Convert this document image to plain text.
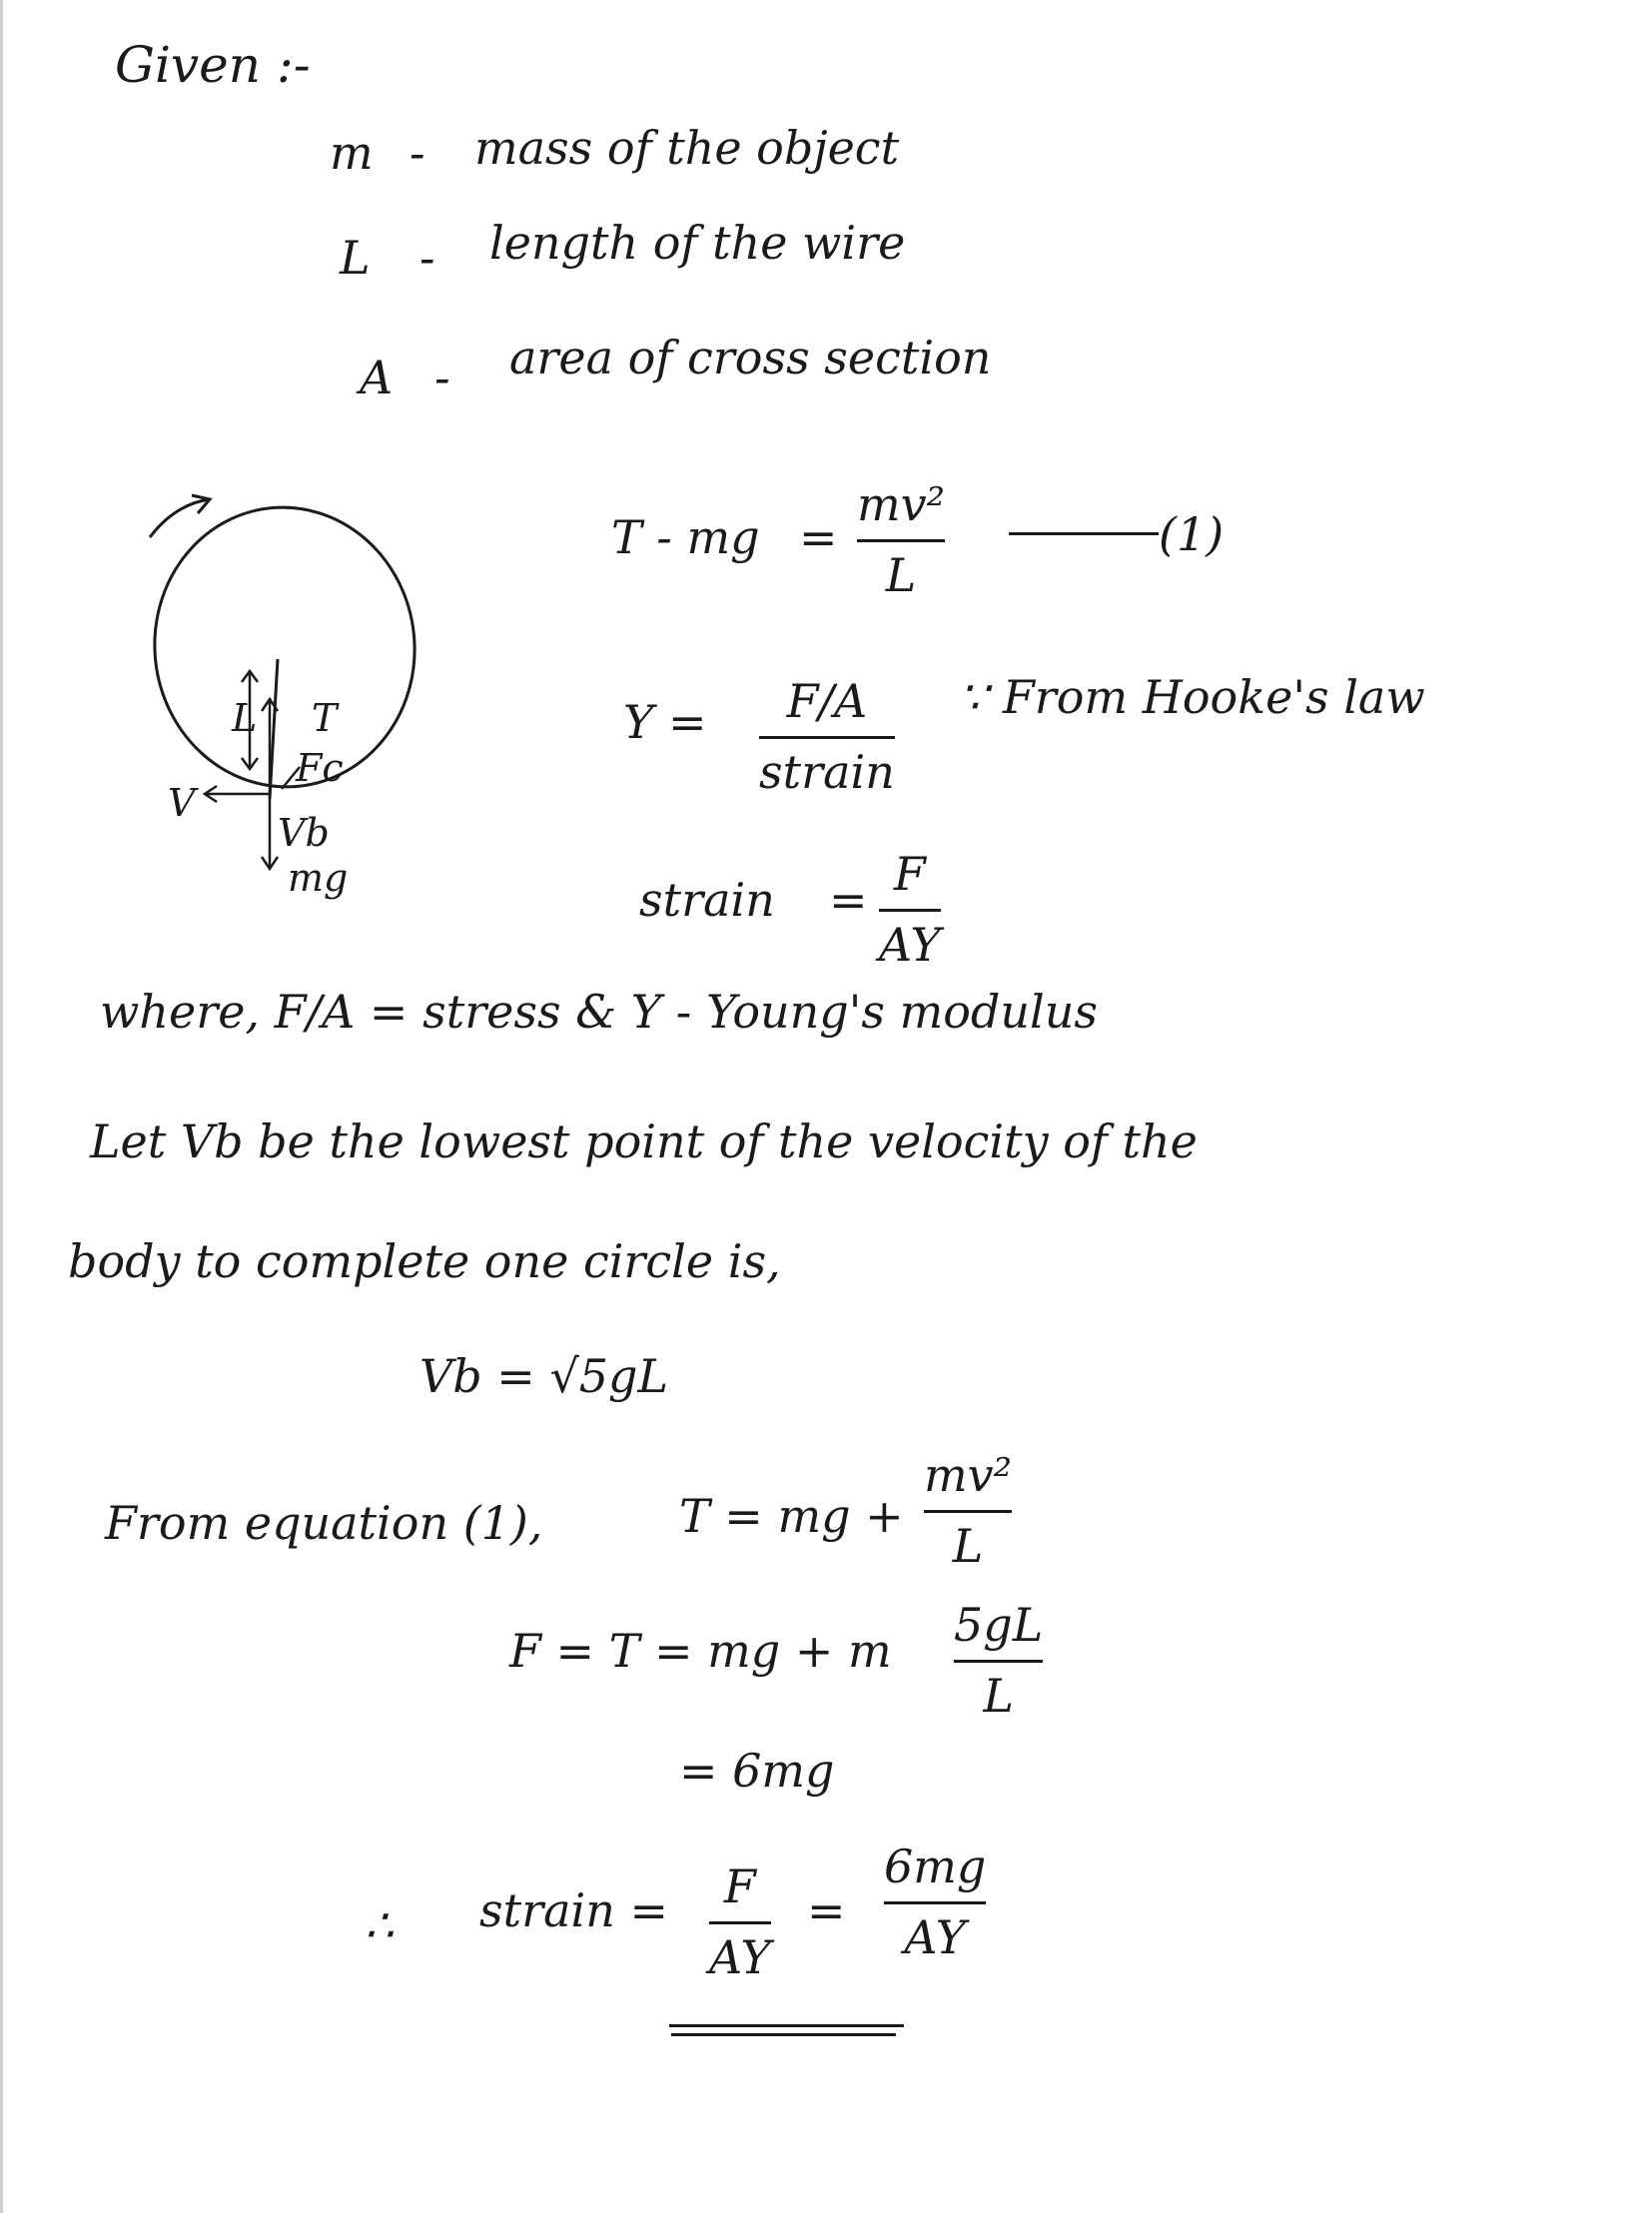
Given :-
m - mass of the object
L - length of the wire
A - area of cross section
V
L T
Fc
Vb
mg
T - mg =
mv²
L
(1)
Y = F/A
strain
∵ From Hooke's law
strain = F
AY
where, F/A = stress & Y - Young's modulus
Let Vb be the lowest point of the velocity of the
body to complete one circle is,
Vb = √5gL
From equation (1),	T = mg +
mv²
L
F = T = mg + m 5gL
L
= 6mg
∴ strain = F
AY
=
6mg
AY
